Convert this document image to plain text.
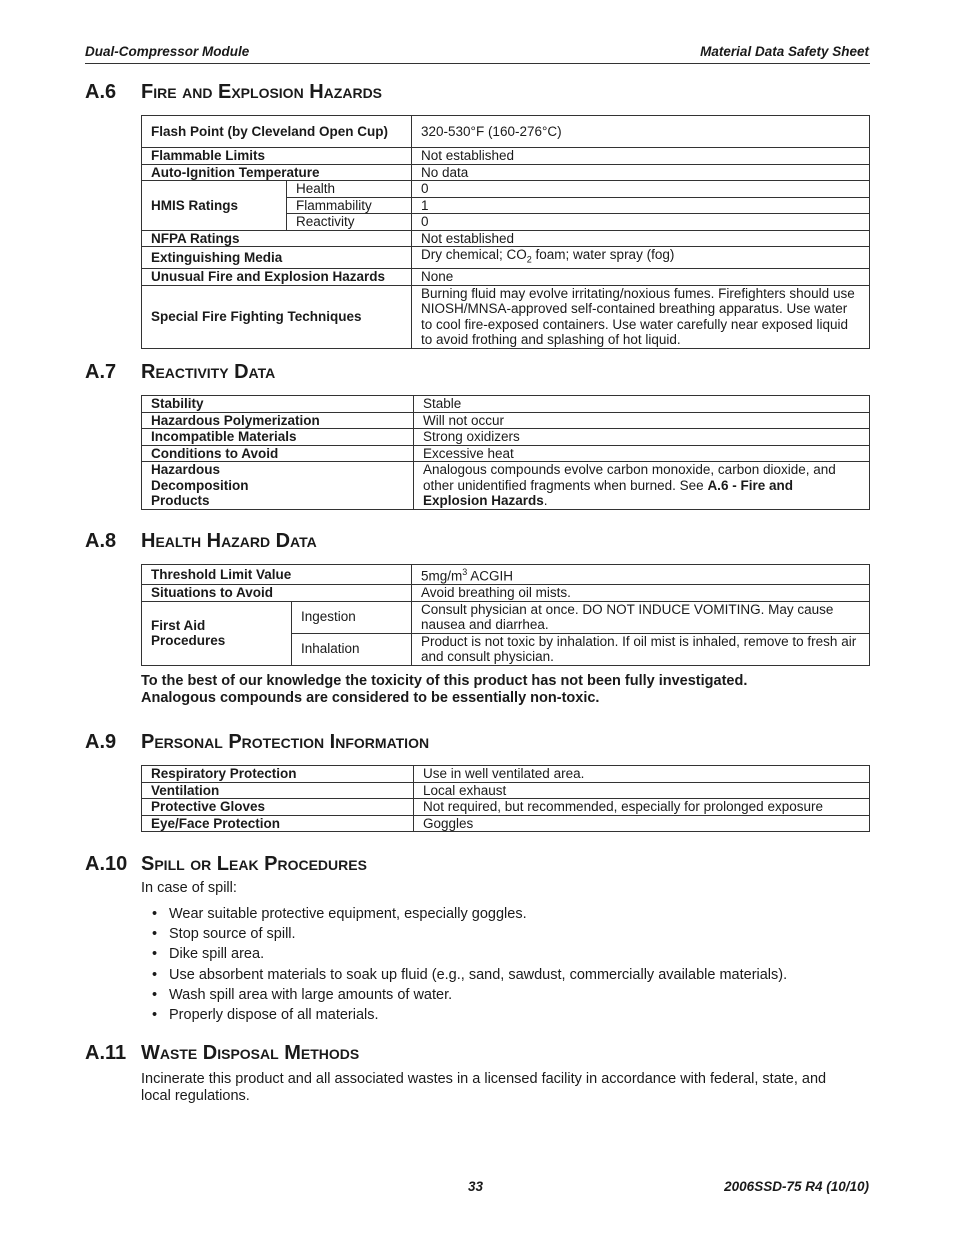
Dual-Compressor Module	Material Data Safety Sheet
A.6 Fire and Explosion Hazards
Flash Point (by Cleveland Open Cup)		320-530°F (160-276°C)
Flammable Limits		Not established
Auto-Ignition Temperature		No data
HMIS Ratings	Health	0
	Flammability	1
	Reactivity	0
NFPA Ratings		Not established
Extinguishing Media		Dry chemical; $CO_2$ foam; water spray (fog)
Unusual Fire and Explosion Hazards		None
Special Fire Fighting Techniques		Burning fluid may evolve irritating/noxious fumes. Firefighters should use NIOSH/MNSA-approved self-contained breathing apparatus. Use water to cool fire-exposed containers. Use water carefully near exposed liquid to avoid frothing and splashing of hot liquid.
A.7 Reactivity Data
Stability	Stable
Hazardous Polymerization	Will not occur
Incompatible Materials	Strong oxidizers
Conditions to Avoid	Excessive heat

Hazardous Decomposition Products	Analogous compounds evolve carbon monoxide, carbon dioxide, and other unidentified fragments when burned. See A.6 - Fire and Explosion Hazards.
A.8 Health Hazard Data
Threshold Limit Value		$5mg/m^3$ ACGIH
Situations to Avoid		Avoid breathing oil mists.

First Aid Procedures	Ingestion	Consult physician at once. DO NOT INDUCE VOMITING. May cause nausea and diarrhea.
	Inhalation	Product is not toxic by inhalation. If oil mist is inhaled, remove to fresh air and consult physician.
To the best of our knowledge the toxicity of this product has not been fully investigated. Analogous compounds are considered to be essentially non-toxic.
A.9 Personal Protection Information
Respiratory Protection	Use in well ventilated area.
Ventilation	Local exhaust
Protective Gloves	Not required, but recommended, especially for prolonged exposure
Eye/Face Protection	Goggles
A.10 Spill or Leak Procedures
In case of spill:
• Wear suitable protective equipment, especially goggles.
• Stop source of spill.
• Dike spill area.
• Use absorbent materials to soak up fluid (e.g., sand, sawdust, commercially available materials).
• Wash spill area with large amounts of water.
• Properly dispose of all materials.
A.11 Waste Disposal Methods
Incinerate this product and all associated wastes in a licensed facility in accordance with federal, state, and local regulations.
33	2006SSD-75 R4 (10/10)
